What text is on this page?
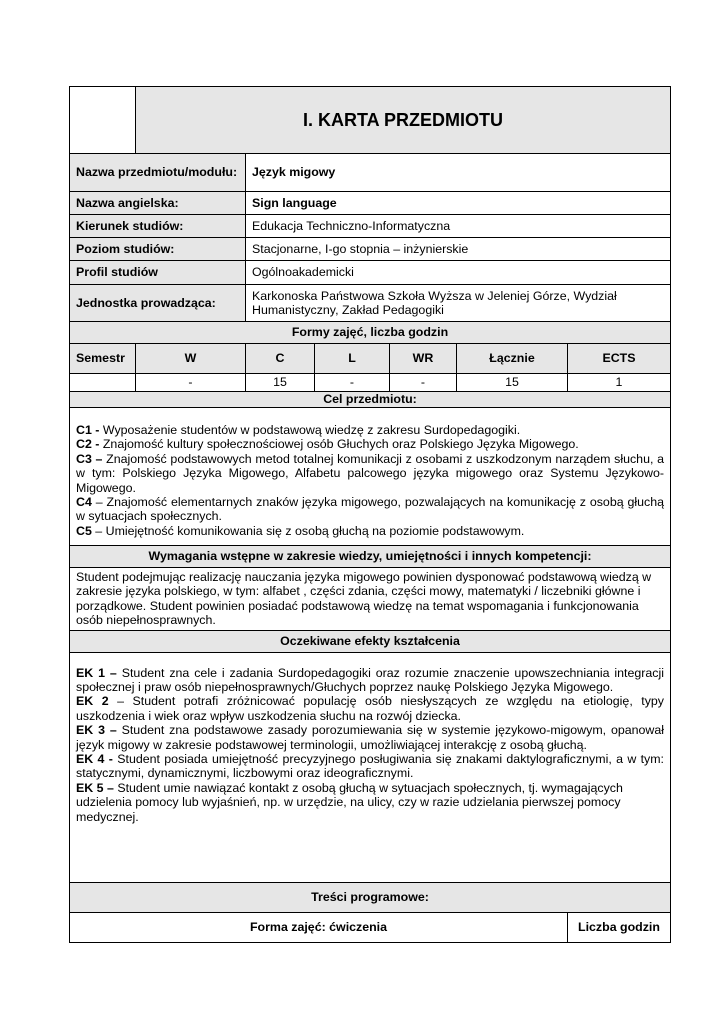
	I. KARTA PRZEDMIOTU					
Nazwa przedmiotu/modułu:		Język migowy				
Nazwa angielska:		Sign language				
Kierunek studiów:		Edukacja Techniczno-Informatyczna				
Poziom studiów:		Stacjonarne, I-go stopnia – inżynierskie				
Profil studiów		Ogólnoakademicki				
Jednostka prowadząca:		Karkonoska Państwowa Szkoła Wyższa w Jeleniej Górze, Wydział Humanistyczny, Zakład Pedagogiki				
Formy zajęć, liczba godzin						
Semestr	W	C	L	WR	Łącznie	ECTS
	-	15	-	-	15	1
Cel przedmiotu:						

C1 - Wyposażenie studentów w podstawową wiedzę z zakresu Surdopedagogiki.
C2 - Znajomość kultury społecznościowej osób Głuchych oraz Polskiego Języka Migowego.
C3 – Znajomość podstawowych metod totalnej komunikacji z osobami z uszkodzonym narządem słuchu, a w tym: Polskiego Języka Migowego, Alfabetu palcowego języka migowego oraz Systemu Językowo-Migowego.
C4 – Znajomość elementarnych znaków języka migowego, pozwalających na komunikację z osobą głuchą w sytuacjach społecznych.
C5 – Umiejętność komunikowania się z osobą głuchą na poziomie podstawowym.						

Wymagania wstępne w zakresie wiedzy, umiejętności i innych kompetencji:						
Student podejmując realizację nauczania języka migowego powinien dysponować podstawową wiedzą w zakresie języka polskiego, w tym: alfabet , części zdania, części mowy, matematyki / liczebniki główne i porządkowe. Student powinien posiadać podstawową wiedzę na temat wspomagania i funkcjonowania osób niepełnosprawnych.						
Oczekiwane efekty kształcenia						

EK 1 – Student zna cele i zadania Surdopedagogiki oraz rozumie znaczenie upowszechniania integracji społecznej i praw osób niepełnosprawnych/Głuchych poprzez naukę Polskiego Języka Migowego.
EK 2 – Student potrafi zróżnicować populację osób niesłyszących ze względu na etiologię, typy uszkodzenia i wiek oraz wpływ uszkodzenia słuchu na rozwój dziecka.
EK 3 – Student zna podstawowe zasady porozumiewania się w systemie językowo-migowym, opanował język migowy w zakresie podstawowej terminologii, umożliwiającej interakcję z osobą głuchą.
EK 4 - Student posiada umiejętność precyzyjnego posługiwania się znakami daktylograficznymi, a w tym: statycznymi, dynamicznymi, liczbowymi oraz ideograficznymi.
EK 5 – Student umie nawiązać kontakt z osobą głuchą w sytuacjach społecznych, tj. wymagających udzielenia pomocy lub wyjaśnień, np. w urzędzie, na ulicy, czy w razie udzielania pierwszej pomocy medycznej.						

Treści programowe:						
Forma zajęć: ćwiczenia						Liczba godzin
